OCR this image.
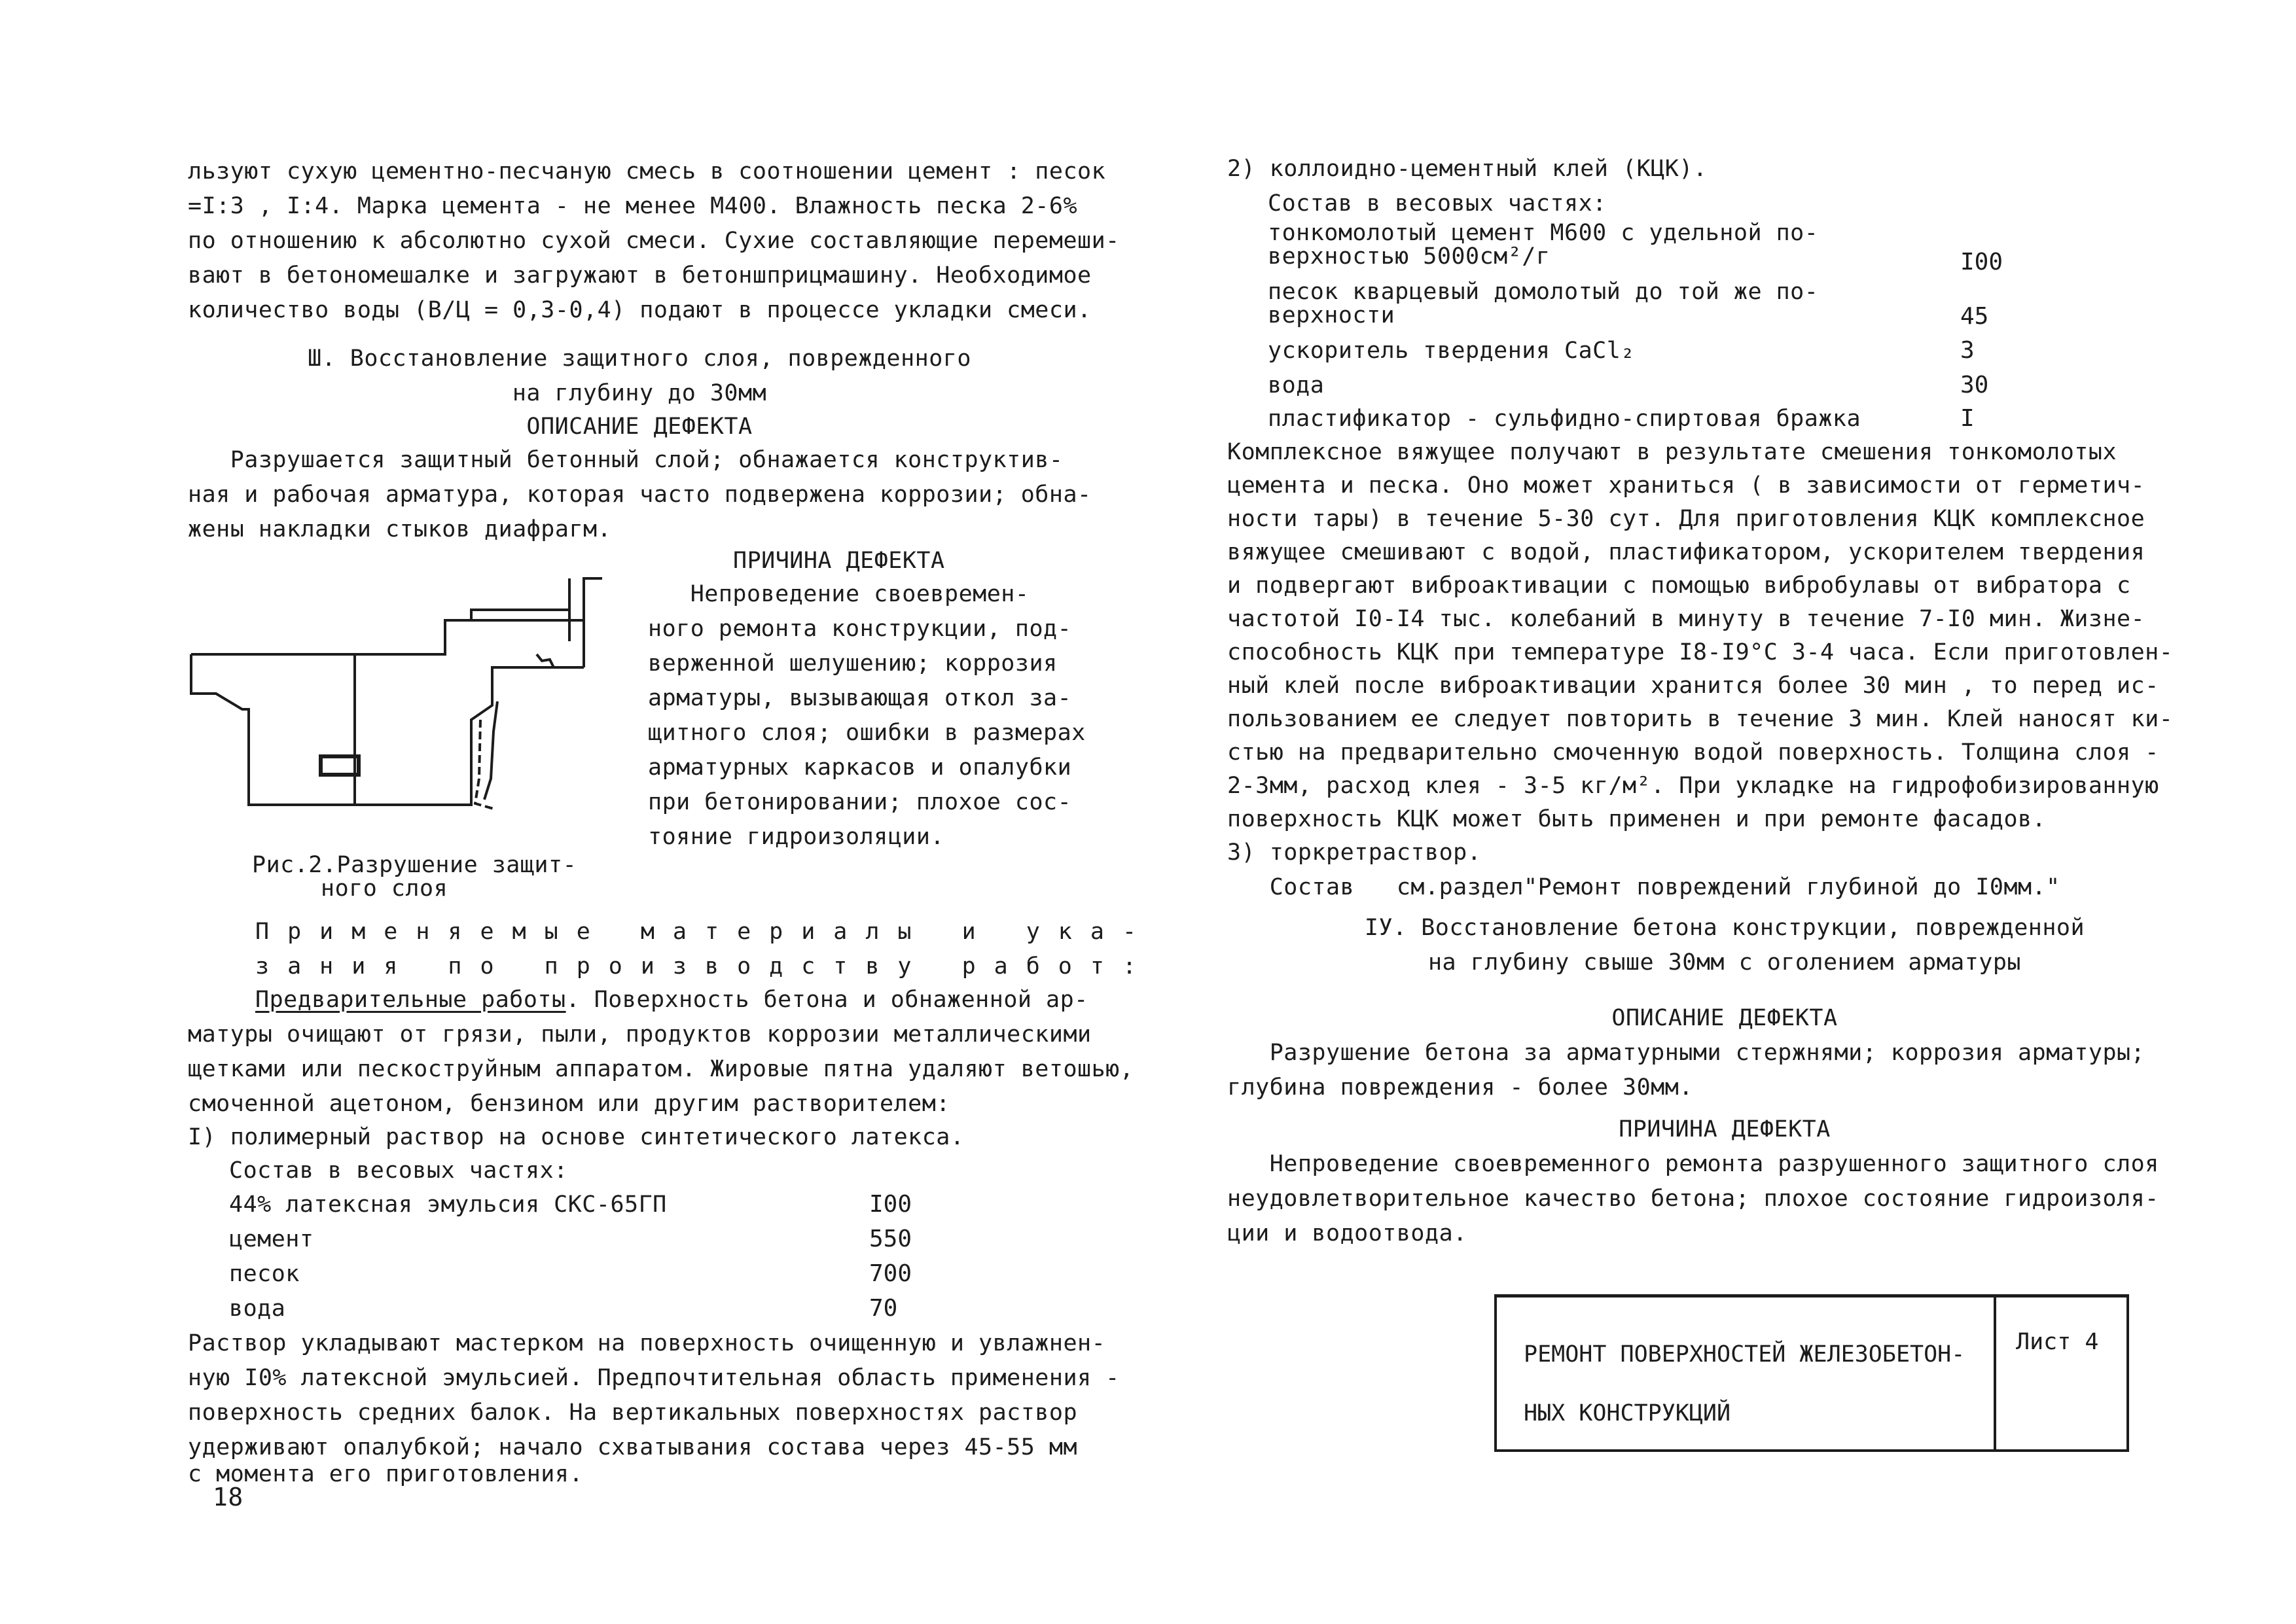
льзуют сухую цементно-песчаную смесь в соотношении цемент : песок
=I:3 , I:4. Марка цемента - не менее М400. Влажность песка 2-6%
по отношению к абсолютно сухой смеси. Сухие составляющие перемеши-
вают в бетономешалке и загружают в бетоншприцмашину. Необходимое
количество воды (В/Ц = 0,3-0,4) подают в процессе укладки смеси.
Ш. Восстановление защитного слоя, поврежденного
на глубину до 30мм
ОПИСАНИЕ ДЕФЕКТА
Разрушается защитный бетонный слой; обнажается конструктив-
ная и рабочая арматура, которая часто подвержена коррозии; обна-
жены накладки стыков диафрагм.
ПРИЧИНА ДЕФЕКТА
Непроведение своевремен-
ного ремонта конструкции, под-
верженной шелушению; коррозия
арматуры, вызывающая откол за-
щитного слоя; ошибки в размерах
арматурных каркасов и опалубки
при бетонировании; плохое сос-
тояние гидроизоляции.
Рис.2.Разрушение защит-
ного слоя
Применяемые материалы и ука-
зания по производству работ:
Предварительные работы. Поверхность бетона и обнаженной ар-
матуры очищают от грязи, пыли, продуктов коррозии металлическими
щетками или пескоструйным аппаратом. Жировые пятна удаляют ветошью,
смоченной ацетоном, бензином или другим растворителем:
I) полимерный раствор на основе синтетического латекса.
Состав в весовых частях:
44% латексная эмульсия СКС-65ГП	I00
цемент	550
песок	700
вода	70
Раствор укладывают мастерком на поверхность очищенную и увлажнен-
ную I0% латексной эмульсией. Предпочтительная область применения -
поверхность средних балок. На вертикальных поверхностях раствор
удерживают опалубкой; начало схватывания состава через 45-55 мм
с момента его приготовления.
18
2) коллоидно-цементный клей (КЦК).
Состав в весовых частях:
тонкомолотый цемент М600 с удельной по-
верхностью 5000см²/г	I00
песок кварцевый домолотый до той же по-
верхности	45
ускоритель твердения CaCl₂	3
вода	30
пластификатор - сульфидно-спиртовая бражка	I
Комплексное вяжущее получают в результате смешения тонкомолотых
цемента и песка. Оно может храниться ( в зависимости от герметич-
ности тары) в течение 5-30 сут. Для приготовления КЦК комплексное
вяжущее смешивают с водой, пластификатором, ускорителем твердения
и подвергают виброактивации с помощью вибробулавы от вибратора с
частотой I0-I4 тыс. колебаний в минуту в течение 7-I0 мин. Жизне-
способность КЦК при температуре I8-I9°С 3-4 часа. Если приготовлен-
ный клей после виброактивации хранится более 30 мин , то перед ис-
пользованием ее следует повторить в течение 3 мин. Клей наносят ки-
стью на предварительно смоченную водой поверхность. Толщина слоя -
2-3мм, расход клея - 3-5 кг/м². При укладке на гидрофобизированную
поверхность КЦК может быть применен и при ремонте фасадов.
3) торкретраствор.
Состав   см.раздел"Ремонт повреждений глубиной до I0мм."
IУ. Восстановление бетона конструкции, поврежденной
на глубину свыше 30мм с оголением арматуры
ОПИСАНИЕ ДЕФЕКТА
Разрушение бетона за арматурными стержнями; коррозия арматуры;
глубина повреждения - более 30мм.
ПРИЧИНА ДЕФЕКТА
Непроведение своевременного ремонта разрушенного защитного слоя
неудовлетворительное качество бетона; плохое состояние гидроизоля-
ции и водоотвода.
РЕМОНТ ПОВЕРХНОСТЕЙ ЖЕЛЕЗОБЕТОН-
НЫХ КОНСТРУКЦИЙ
Лист 4
